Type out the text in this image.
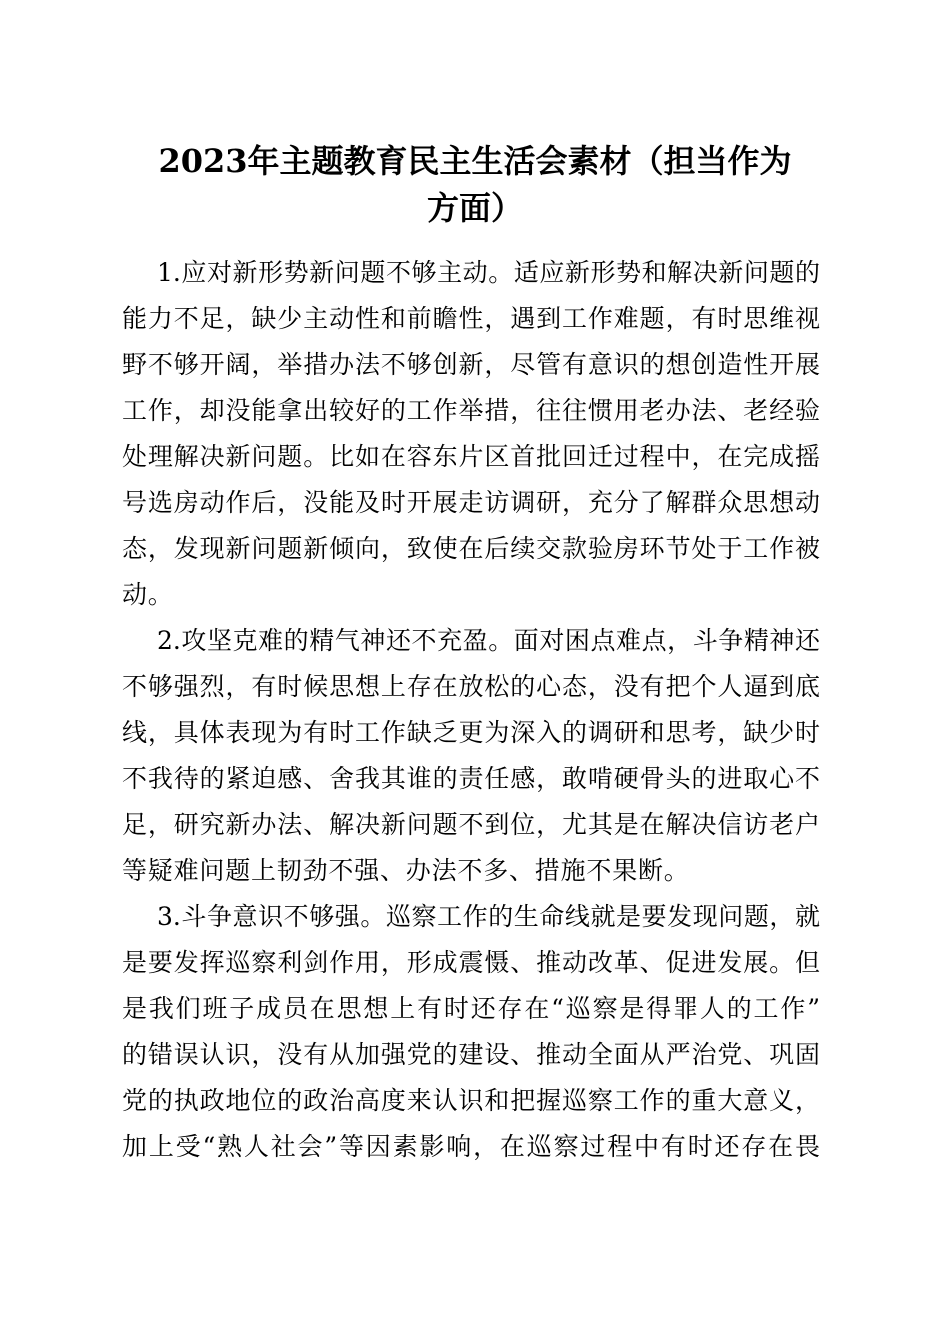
2023年主题教育民主生活会素材（担当作为
方面）
1.应对新形势新问题不够主动。适应新形势和解决新问题的
能力不足，缺少主动性和前瞻性，遇到工作难题，有时思维视
野不够开阔，举措办法不够创新，尽管有意识的想创造性开展
工作，却没能拿出较好的工作举措，往往惯用老办法、老经验
处理解决新问题。比如在容东片区首批回迁过程中，在完成摇
号选房动作后，没能及时开展走访调研，充分了解群众思想动
态，发现新问题新倾向，致使在后续交款验房环节处于工作被
动。
2.攻坚克难的精气神还不充盈。面对困点难点，斗争精神还
不够强烈，有时候思想上存在放松的心态，没有把个人逼到底
线，具体表现为有时工作缺乏更为深入的调研和思考，缺少时
不我待的紧迫感、舍我其谁的责任感，敢啃硬骨头的进取心不
足，研究新办法、解决新问题不到位，尤其是在解决信访老户
等疑难问题上韧劲不强、办法不多、措施不果断。
3.斗争意识不够强。巡察工作的生命线就是要发现问题，就
是要发挥巡察利剑作用，形成震慑、推动改革、促进发展。但
是我们班子成员在思想上有时还存在“巡察是得罪人的工作”
的错误认识，没有从加强党的建设、推动全面从严治党、巩固
党的执政地位的政治高度来认识和把握巡察工作的重大意义，
加上受“熟人社会”等因素影响，在巡察过程中有时还存在畏
